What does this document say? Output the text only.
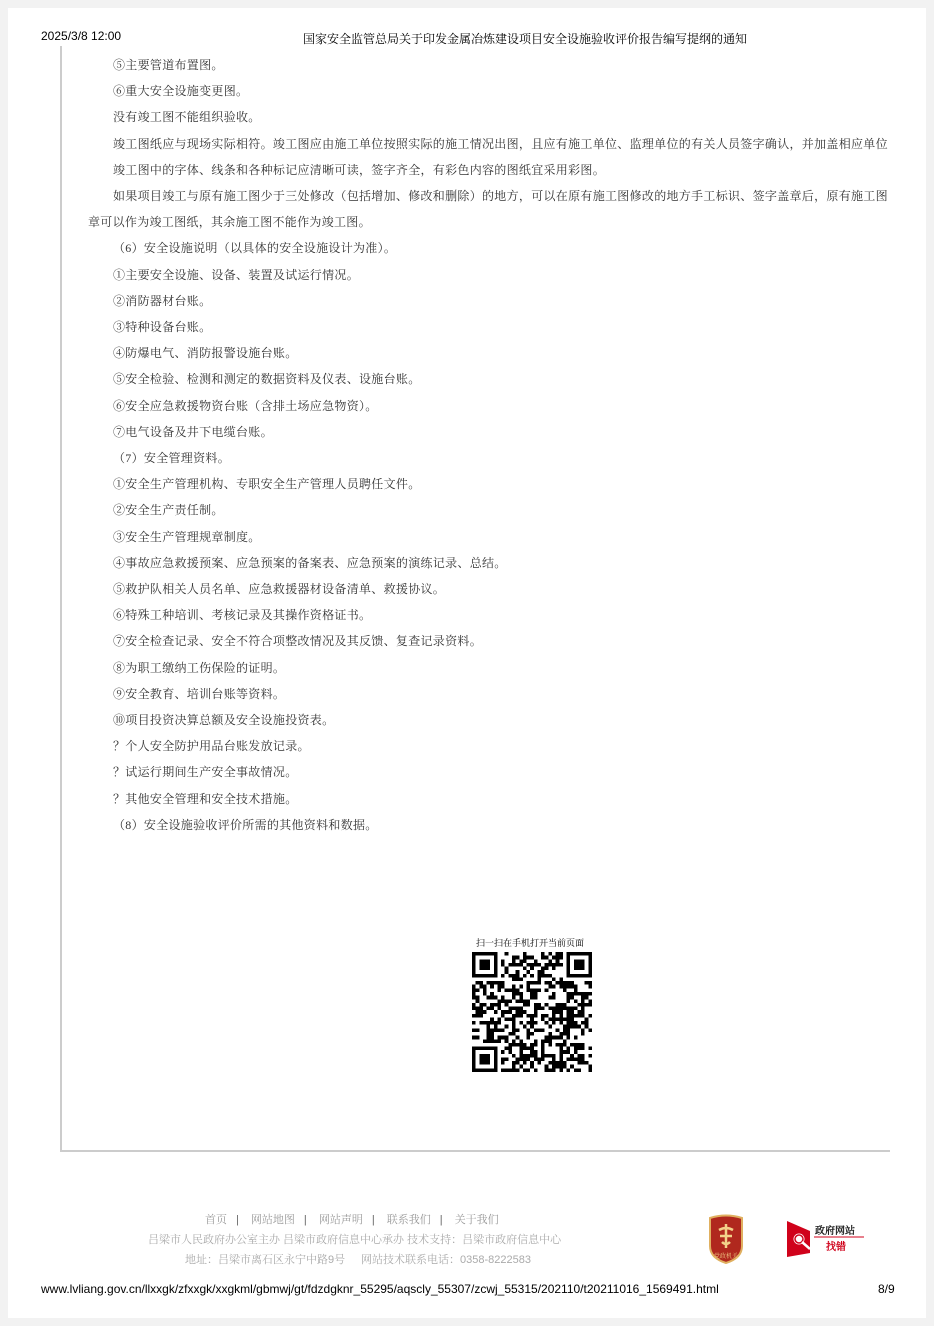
2025/3/8 12:00	国家安全监管总局关于印发金属冶炼建设项目安全设施验收评价报告编写提纲的通知
⑤主要管道布置图。
⑥重大安全设施变更图。
没有竣工图不能组织验收。
竣工图纸应与现场实际相符。竣工图应由施工单位按照实际的施工情况出图，且应有施工单位、监理单位的有关人员签字确认，并加盖相应单位
竣工图中的字体、线条和各种标记应清晰可读，签字齐全，有彩色内容的图纸宜采用彩图。
如果项目竣工与原有施工图少于三处修改（包括增加、修改和删除）的地方，可以在原有施工图修改的地方手工标识、签字盖章后，原有施工图
章可以作为竣工图纸，其余施工图不能作为竣工图。
（6）安全设施说明（以具体的安全设施设计为准）。
①主要安全设施、设备、装置及试运行情况。
②消防器材台账。
③特种设备台账。
④防爆电气、消防报警设施台账。
⑤安全检验、检测和测定的数据资料及仪表、设施台账。
⑥安全应急救援物资台账（含排土场应急物资）。
⑦电气设备及井下电缆台账。
（7）安全管理资料。
①安全生产管理机构、专职安全生产管理人员聘任文件。
②安全生产责任制。
③安全生产管理规章制度。
④事故应急救援预案、应急预案的备案表、应急预案的演练记录、总结。
⑤救护队相关人员名单、应急救援器材设备清单、救援协议。
⑥特殊工种培训、考核记录及其操作资格证书。
⑦安全检查记录、安全不符合项整改情况及其反馈、复查记录资料。
⑧为职工缴纳工伤保险的证明。
⑨安全教育、培训台账等资料。
⑩项目投资决算总额及安全设施投资表。
？个人安全防护用品台账发放记录。
？试运行期间生产安全事故情况。
？其他安全管理和安全技术措施。
（8）安全设施验收评价所需的其他资料和数据。
扫一扫在手机打开当前页面
首页 | 网站地图 | 网站声明 | 联系我们 | 关于我们
吕梁市人民政府办公室主办 吕梁市政府信息中心承办 技术支持：吕梁市政府信息中心
地址：吕梁市离石区永宁中路9号 网站技术联系电话：0358-8222583	党政机关
政府网站
找错
www.lvliang.gov.cn/llxxgk/zfxxgk/xxgkml/gbmwj/gt/fdzdgknr_55295/aqscly_55307/zcwj_55315/202110/t20211016_1569491.html	8/9
